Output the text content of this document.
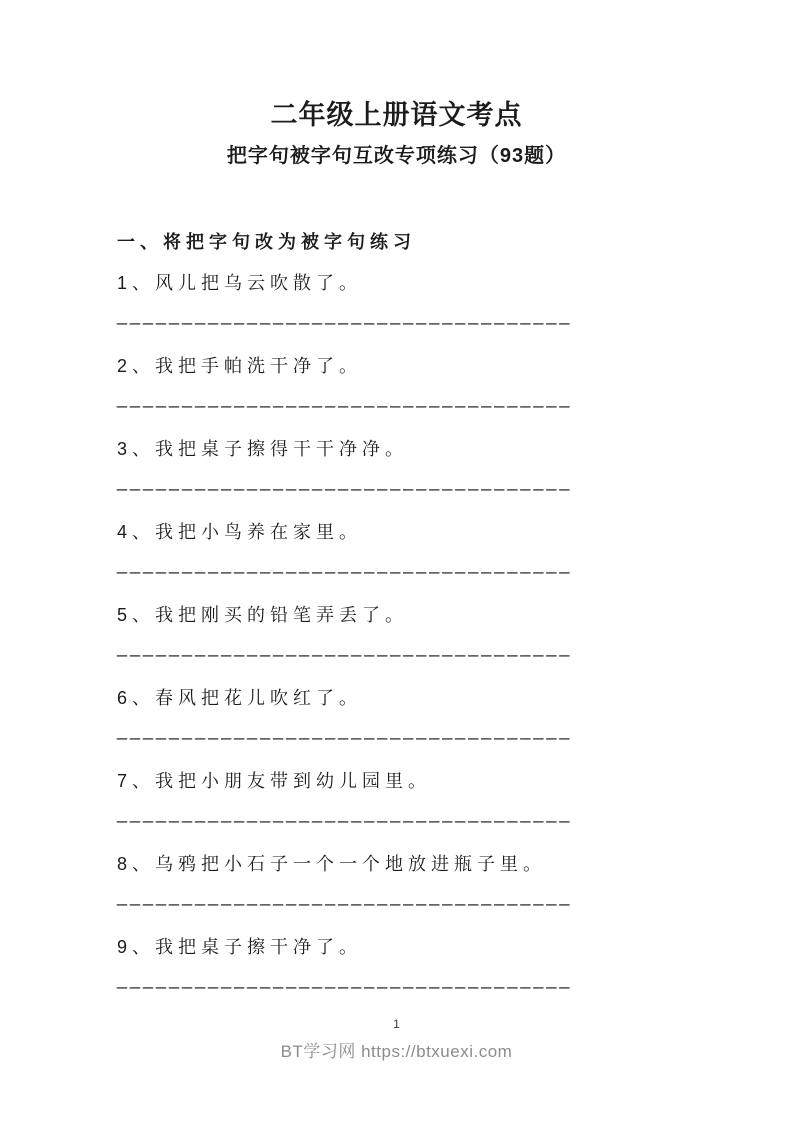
二年级上册语文考点
把字句被字句互改专项练习（93题）
一、将把字句改为被字句练习
1、风儿把乌云吹散了。
___________________________________
2、我把手帕洗干净了。
___________________________________
3、我把桌子擦得干干净净。
___________________________________
4、我把小鸟养在家里。
___________________________________
5、我把刚买的铅笔弄丢了。
___________________________________
6、春风把花儿吹红了。
___________________________________
7、我把小朋友带到幼儿园里。
___________________________________
8、乌鸦把小石子一个一个地放进瓶子里。
___________________________________
9、我把桌子擦干净了。
___________________________________
1
BT学习网 https://btxuexi.com
